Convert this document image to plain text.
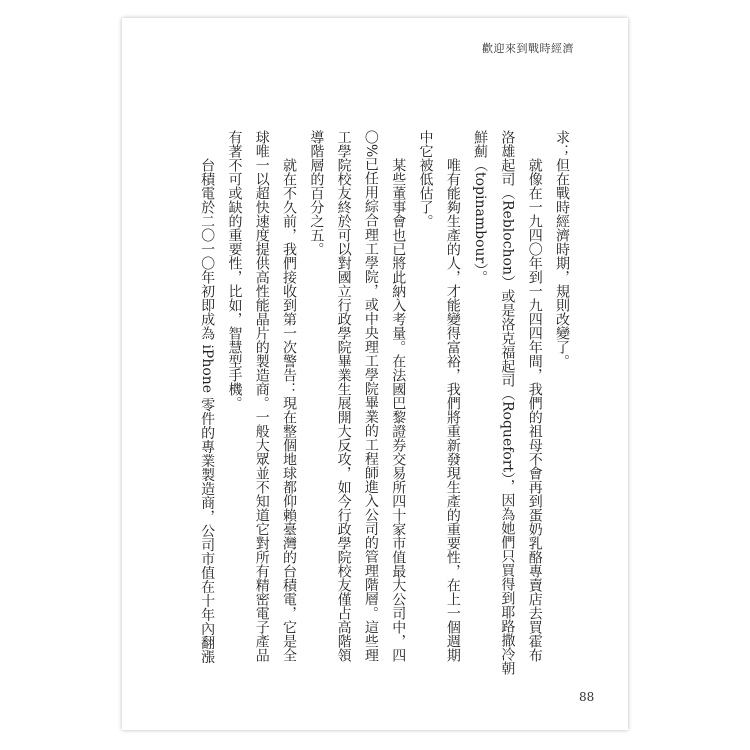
歡迎來到戰時經濟
求；但在戰時經濟時期，規則改變了。
就像在一九四〇年到一九四四年間，我們的祖母不會再到蛋奶乳酪專賣店去買霍布
洛雄起司（Reblochon）或是洛克福起司（Roquefort），因為她們只買得到耶路撒冷朝
鮮薊（topinambour）。
唯有能夠生產的人，才能變得富裕，我們將重新發現生產的重要性，在上一個週期
中它被低估了。
某些董事會也已將此納入考量。在法國巴黎證券交易所四十家市值最大公司中，四
〇%已任用綜合理工學院，或中央理工學院畢業的工程師進入公司的管理階層。這些理
工學院校友終於可以對國立行政學院畢業生展開大反攻，如今行政學院校友僅占高階領
導階層的百分之五。
就在不久前，我們接收到第一次警告：現在整個地球都仰賴臺灣的台積電，它是全
球唯一以超快速度提供高性能晶片的製造商。一般大眾並不知道它對所有精密電子產品
有著不可或缺的重要性，比如，智慧型手機。
台積電於二〇一〇年初即成為 iPhone 零件的專業製造商，公司市值在十年內翻漲
88
